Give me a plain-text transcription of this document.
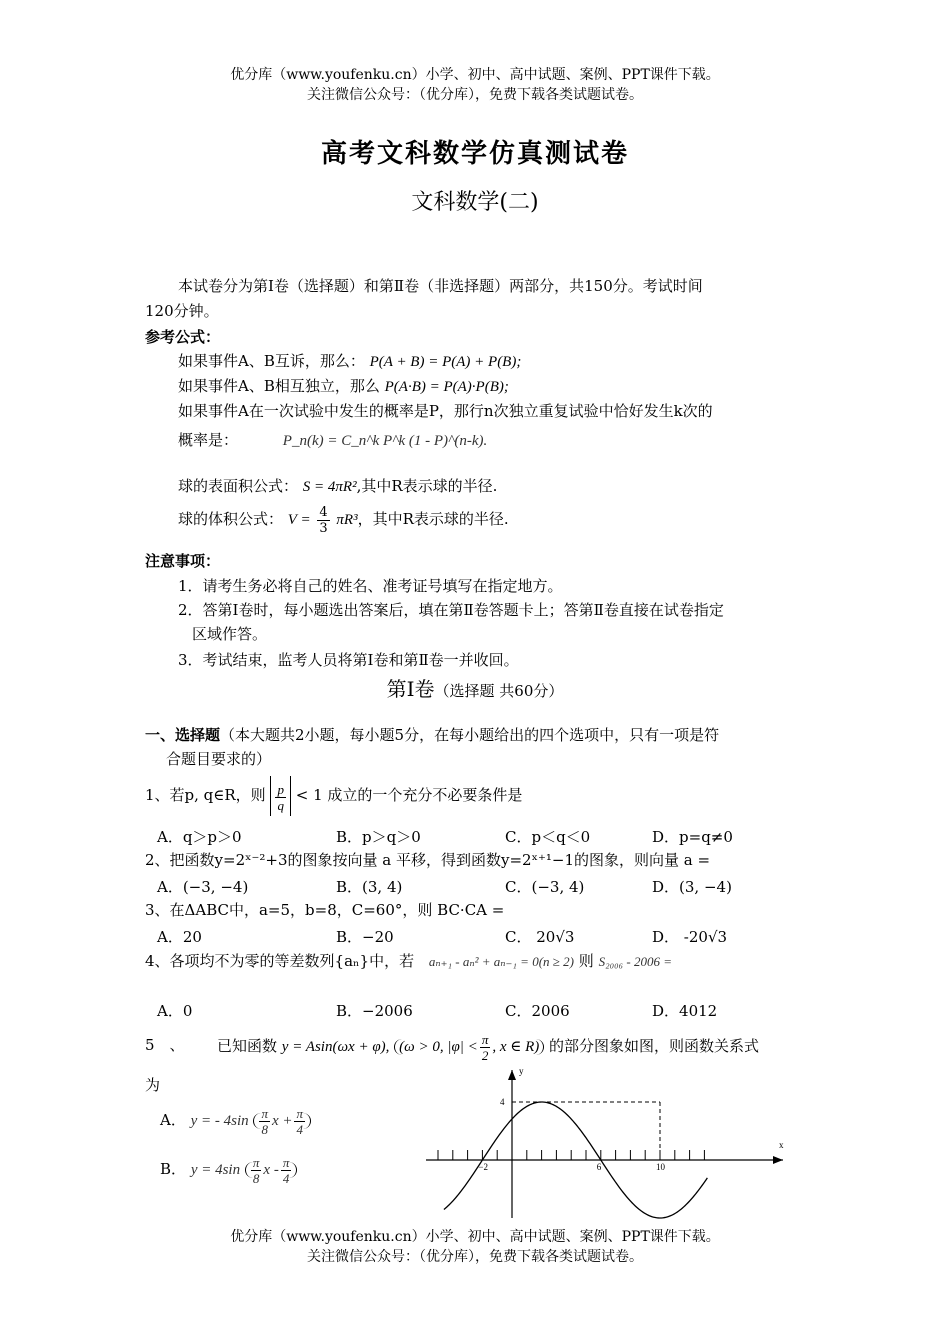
优分库（www.youfenku.cn）小学、初中、高中试题、案例、PPT课件下载。
关注微信公众号：（优分库），免费下载各类试题试卷。
高考文科数学仿真测试卷
文科数学(二)
本试卷分为第Ⅰ卷（选择题）和第Ⅱ卷（非选择题）两部分，共150分。考试时间
120分钟。
参考公式：
如果事件A、B互诉，那么： P(A + B) = P(A) + P(B);
如果事件A、B相互独立，那么 P(A·B) = P(A)·P(B);
如果事件A在一次试验中发生的概率是P，那行n次独立重复试验中恰好发生k次的
概率是：	P_n(k) = C_n^k P^k (1 - P)^(n-k).
球的表面积公式： S = 4πR²,其中R表示球的半径.
球的体积公式： $V = \frac{4}{3} \pi R^3$，其中R表示球的半径.
注意事项：
1．请考生务必将自己的姓名、准考证号填写在指定地方。
2．答第Ⅰ卷时，每小题选出答案后，填在第Ⅱ卷答题卡上；答第Ⅱ卷直接在试卷指定
区域作答。
3．考试结束，监考人员将第Ⅰ卷和第Ⅱ卷一并收回。
第Ⅰ卷（选择题 共60分）
一、选择题（本大题共2小题，每小题5分，在每小题给出的四个选项中，只有一项是符
合题目要求的）
1、若p, q∈R，则 $\frac{p}{q} < 1$ 成立的一个充分不必要条件是
A．q＞p＞0	B．p＞q＞0	C．p＜q＜0	D．p=q≠0
2、把函数y=2ˣ⁻²+3的图象按向量 a 平移，得到函数y=2ˣ⁺¹−1的图象，则向量 a =
A．(−3, −4)	B．(3, 4)	C．(−3, 4)	D．(3, −4)
3、在ΔABC中，a=5，b=8，C=60°，则 BC·CA =
A．20	B．−20	C． 20√3	D． -20√3
4、各项均不为零的等差数列{aₙ}中，若 aₙ₊₁ - aₙ² + aₙ₋₁ = 0(n ≥ 2) 则 S₂₀₀₆ - 2006 =
A．0	B．−2006	C．2006	D．4012
5　、 已知函数 y = Asin(ωx + φ), (ω > 0, $|\varphi| < \frac{\pi}{2}$ , x ∈ R) 的部分图象如图，则函数关系式
为
A． y = - $4\sin \frac{\pi}{8}$ $x + \frac{\pi}{4}$
B． $y = 4\sin \frac{\pi}{8}$ x - $\frac{\pi}{4}$
x
y
−2	6	10
4
优分库（www.youfenku.cn）小学、初中、高中试题、案例、PPT课件下载。
关注微信公众号：（优分库），免费下载各类试题试卷。
